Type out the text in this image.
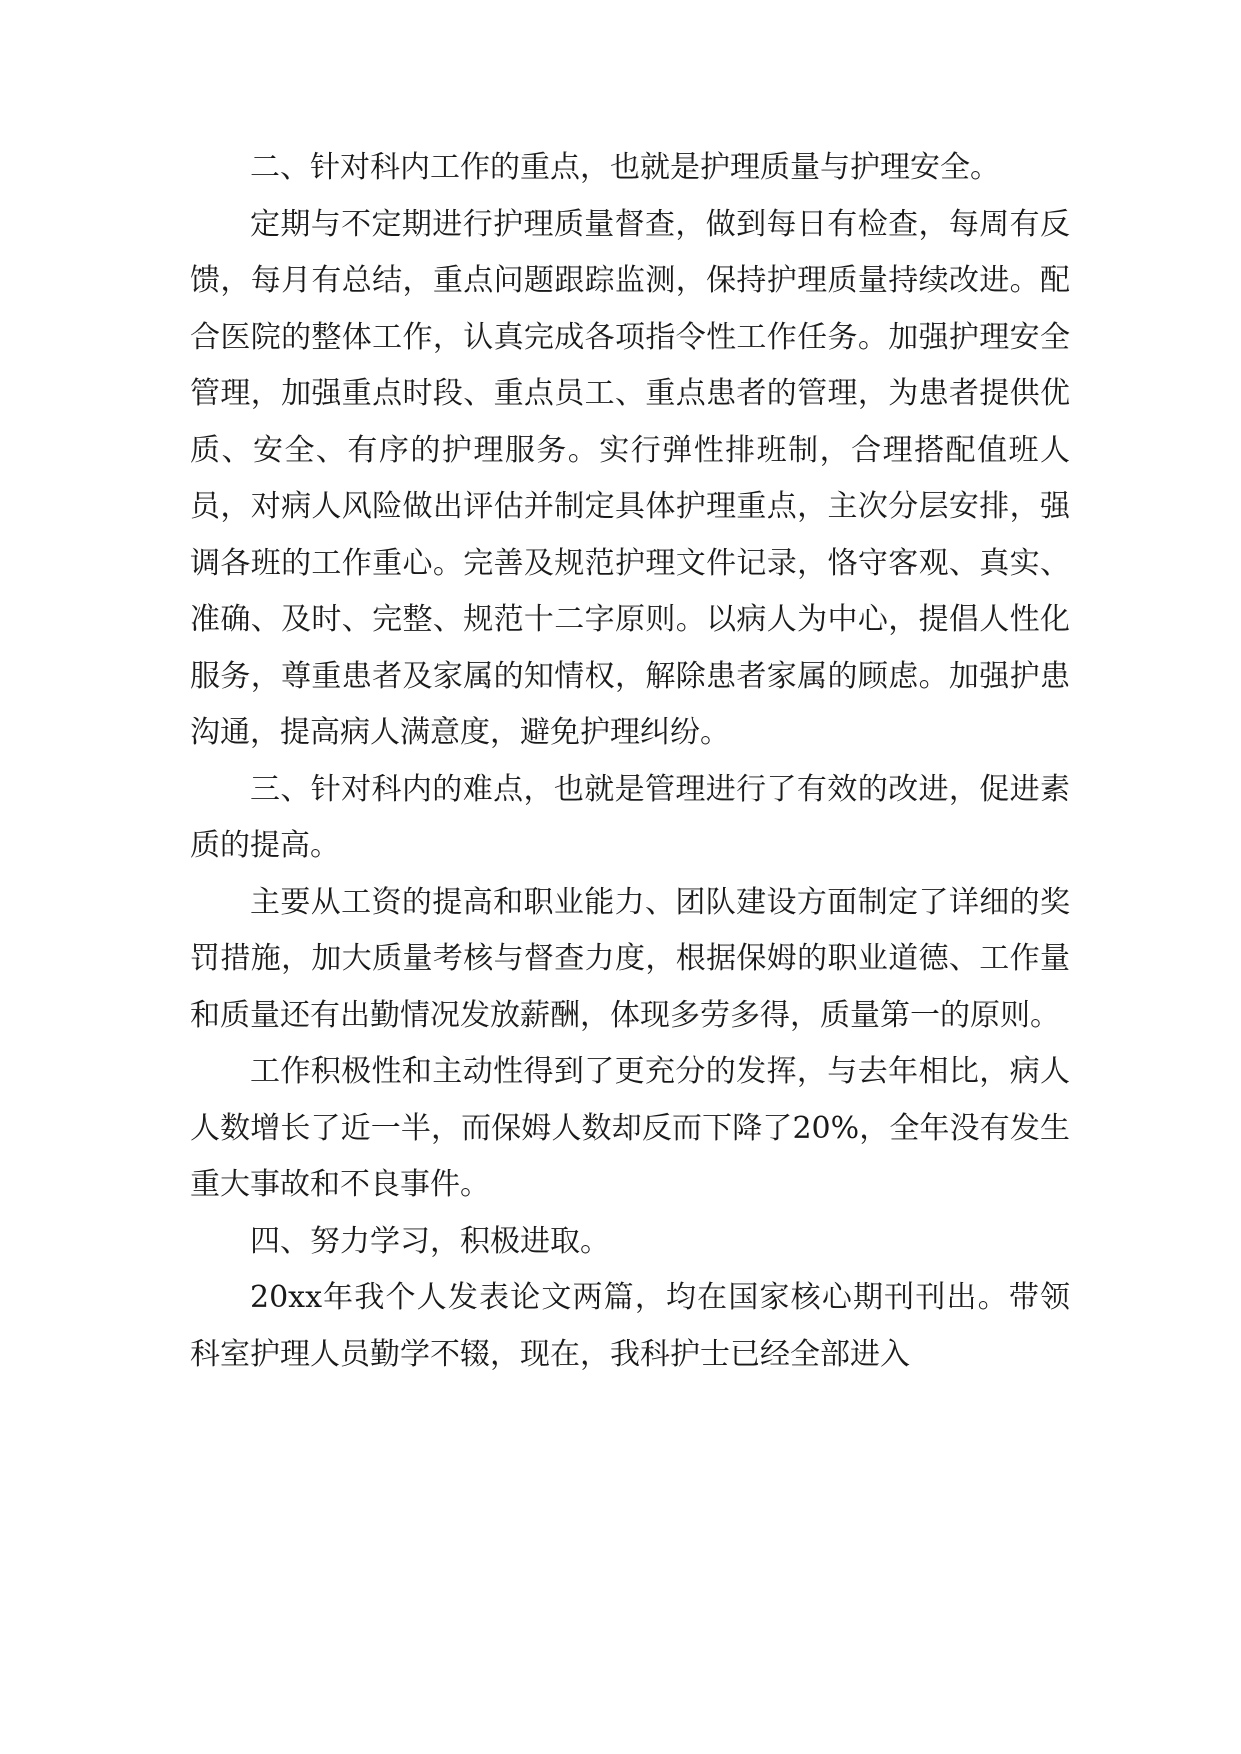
二、针对科内工作的重点，也就是护理质量与护理安全。

定期与不定期进行护理质量督查，做到每日有检查，每周有反馈，每月有总结，重点问题跟踪监测，保持护理质量持续改进。配合医院的整体工作，认真完成各项指令性工作任务。加强护理安全管理，加强重点时段、重点员工、重点患者的管理，为患者提供优质、安全、有序的护理服务。实行弹性排班制，合理搭配值班人员，对病人风险做出评估并制定具体护理重点，主次分层安排，强调各班的工作重心。完善及规范护理文件记录，恪守客观、真实、准确、及时、完整、规范十二字原则。以病人为中心，提倡人性化服务，尊重患者及家属的知情权，解除患者家属的顾虑。加强护患沟通，提高病人满意度，避免护理纠纷。

三、针对科内的难点，也就是管理进行了有效的改进，促进素质的提高。

主要从工资的提高和职业能力、团队建设方面制定了详细的奖罚措施，加大质量考核与督查力度，根据保姆的职业道德、工作量和质量还有出勤情况发放薪酬，体现多劳多得，质量第一的原则。

工作积极性和主动性得到了更充分的发挥，与去年相比，病人人数增长了近一半，而保姆人数却反而下降了20%，全年没有发生重大事故和不良事件。

四、努力学习，积极进取。

20xx年我个人发表论文两篇，均在国家核心期刊刊出。带领科室护理人员勤学不辍，现在，我科护士已经全部进入
